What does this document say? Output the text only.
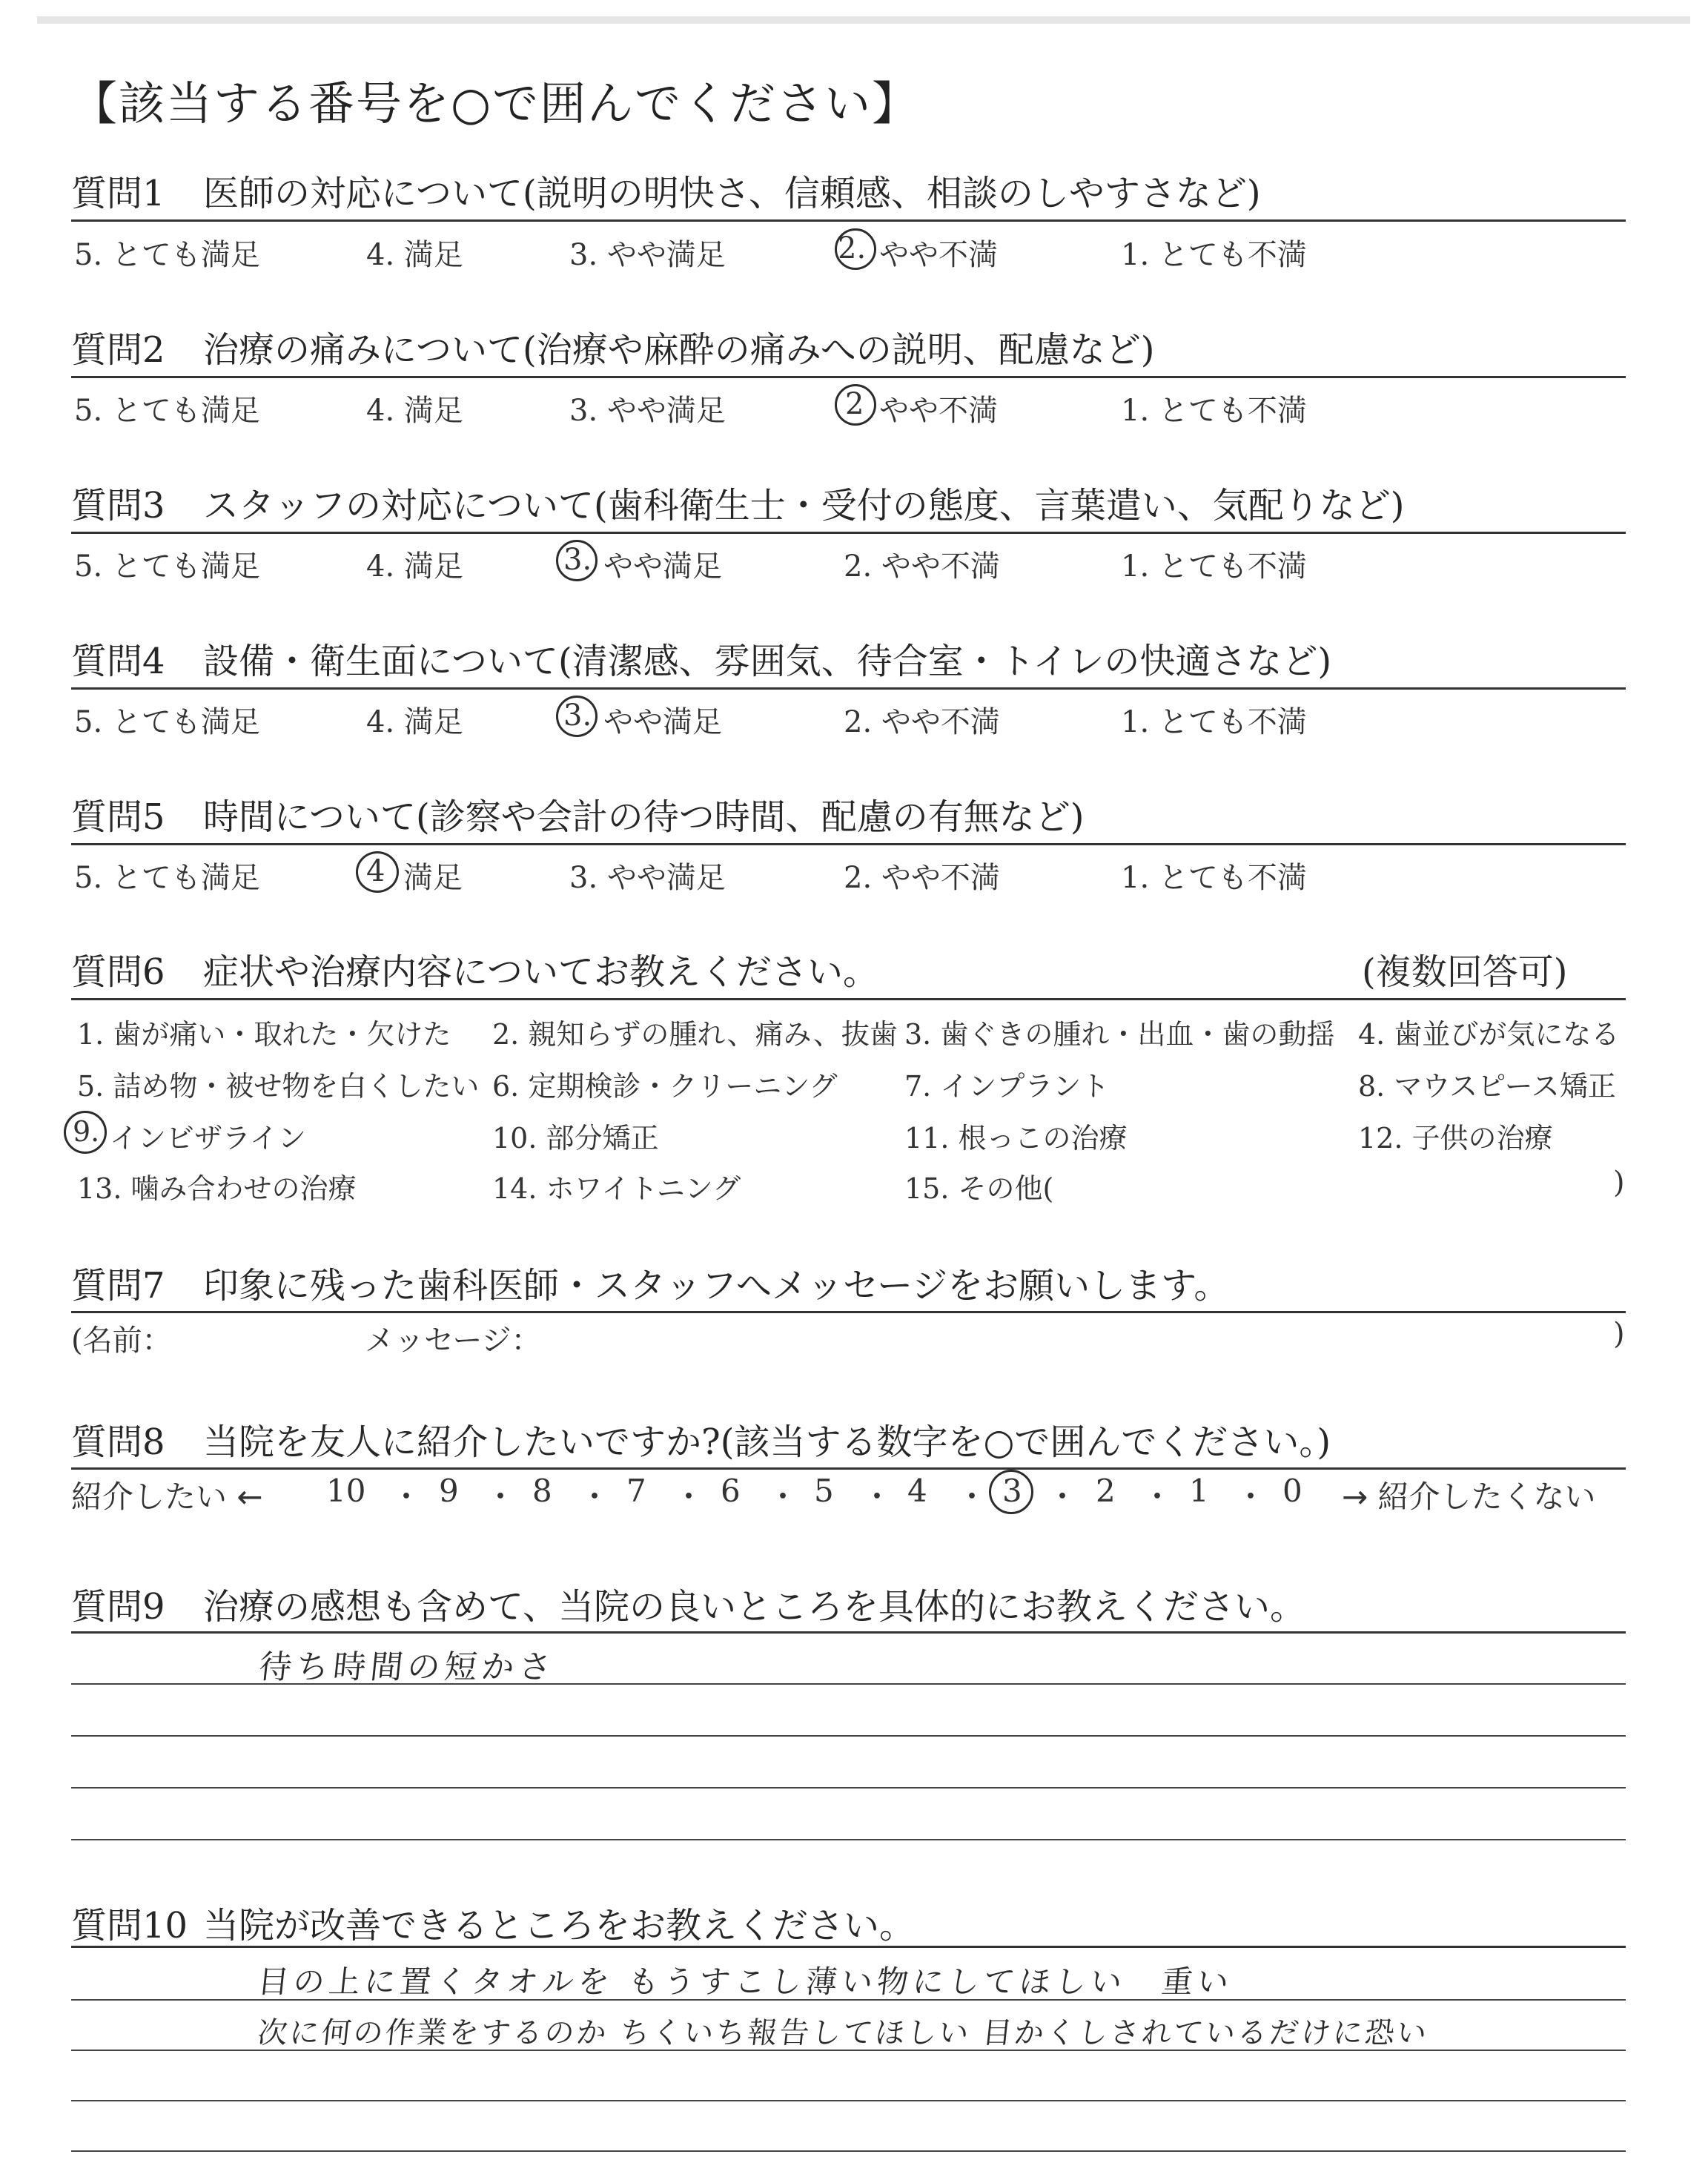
【該当する番号を○で囲んでください】
質問1 医師の対応について(説明の明快さ、信頼感、相談のしやすさなど)
5. とても満足	4. 満足	3. やや満足	2. やや不満	1. とても不満
質問2 治療の痛みについて(治療や麻酔の痛みへの説明、配慮など)
5. とても満足	4. 満足	3. やや満足	2 やや不満	1. とても不満
質問3 スタッフの対応について(歯科衛生士・受付の態度、言葉遣い、気配りなど)
5. とても満足	4. 満足	3. やや満足	2. やや不満	1. とても不満
質問4 設備・衛生面について(清潔感、雰囲気、待合室・トイレの快適さなど)
5. とても満足	4. 満足	3. やや満足	2. やや不満	1. とても不満
質問5 時間について(診察や会計の待つ時間、配慮の有無など)
5. とても満足	4 満足	3. やや満足	2. やや不満	1. とても不満
質問6 症状や治療内容についてお教えください。	(複数回答可)
1. 歯が痛い・取れた・欠けた 2. 親知らずの腫れ、痛み、抜歯 3. 歯ぐきの腫れ・出血・歯の動揺 4. 歯並びが気になる
5. 詰め物・被せ物を白くしたい 6. 定期検診・クリーニング 7. インプラント	8. マウスピース矯正
9. インビザライン	10. 部分矯正	11. 根っこの治療	12. 子供の治療
13. 噛み合わせの治療	14. ホワイトニング	15. その他(	)
質問7 印象に残った歯科医師・スタッフへメッセージをお願いします。
(名前：	メッセージ：	)
質問8 当院を友人に紹介したいですか?(該当する数字を○で囲んでください。)
紹介したい ← 10 ・ 9 ・ 8 ・ 7 ・ 6 ・ 5 ・ 4 ・ 3 ・ 2 ・ 1 ・ 0 → 紹介したくない
質問9 治療の感想も含めて、当院の良いところを具体的にお教えください。
待ち時間の短かさ
質問10 当院が改善できるところをお教えください。
目の上に置くタオルを もうすこし薄い物にしてほしい　重い
次に何の作業をするのか ちくいち報告してほしい 目かくしされているだけに恐い
